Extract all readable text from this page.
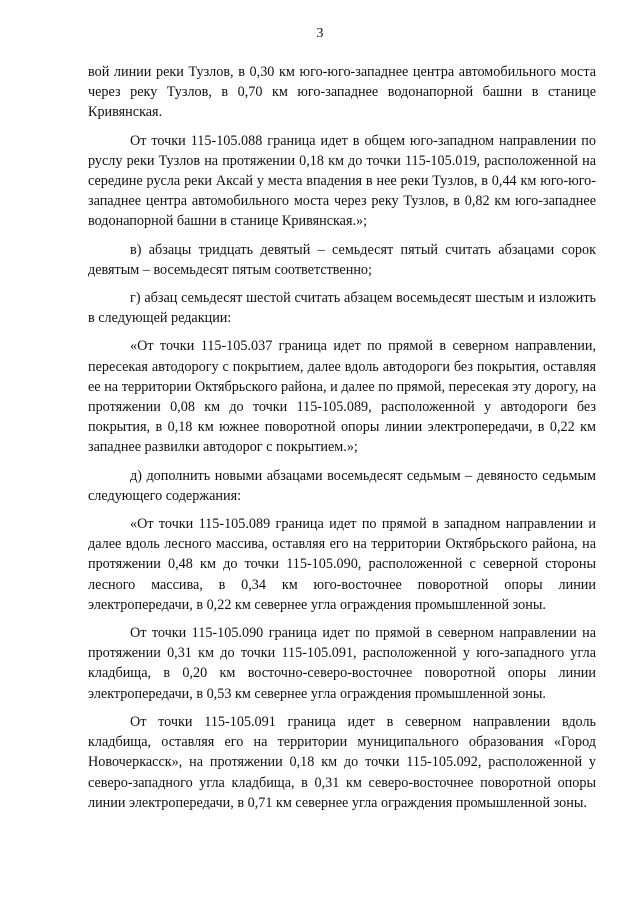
3

вой линии реки Тузлов, в 0,30 км юго-юго-западнее центра автомобильного моста через реку Тузлов, в 0,70 км юго-западнее водонапорной башни в станице Кривянская.

От точки 115-105.088 граница идет в общем юго-западном направлении по руслу реки Тузлов на протяжении 0,18 км до точки 115-105.019, расположенной на середине русла реки Аксай у места впадения в нее реки Тузлов, в 0,44 км юго-юго-западнее центра автомобильного моста через реку Тузлов, в 0,82 км юго-западнее водонапорной башни в станице Кривянская.»;

в) абзацы тридцать девятый – семьдесят пятый считать абзацами сорок девятым – восемьдесят пятым соответственно;

г) абзац семьдесят шестой считать абзацем восемьдесят шестым и изложить в следующей редакции:

«От точки 115-105.037 граница идет по прямой в северном направлении, пересекая автодорогу с покрытием, далее вдоль автодороги без покрытия, оставляя ее на территории Октябрьского района, и далее по прямой, пересекая эту дорогу, на протяжении 0,08 км до точки 115-105.089, расположенной у автодороги без покрытия, в 0,18 км южнее поворотной опоры линии электропередачи, в 0,22 км западнее развилки автодорог с покрытием.»;

д) дополнить новыми абзацами восемьдесят седьмым – девяносто седьмым следующего содержания:

«От точки 115-105.089 граница идет по прямой в западном направлении и далее вдоль лесного массива, оставляя его на территории Октябрьского района, на протяжении 0,48 км до точки 115-105.090, расположенной с северной стороны лесного массива, в 0,34 км юго-восточнее поворотной опоры линии электропередачи, в 0,22 км севернее угла ограждения промышленной зоны.

От точки 115-105.090 граница идет по прямой в северном направлении на протяжении 0,31 км до точки 115-105.091, расположенной у юго-западного угла кладбища, в 0,20 км восточно-северо-восточнее поворотной опоры линии электропередачи, в 0,53 км севернее угла ограждения промышленной зоны.

От точки 115-105.091 граница идет в северном направлении вдоль кладбища, оставляя его на территории муниципального образования «Город Новочеркасск», на протяжении 0,18 км до точки 115-105.092, расположенной у северо-западного угла кладбища, в 0,31 км северо-восточнее поворотной опоры линии электропередачи, в 0,71 км севернее угла ограждения промышленной зоны.
